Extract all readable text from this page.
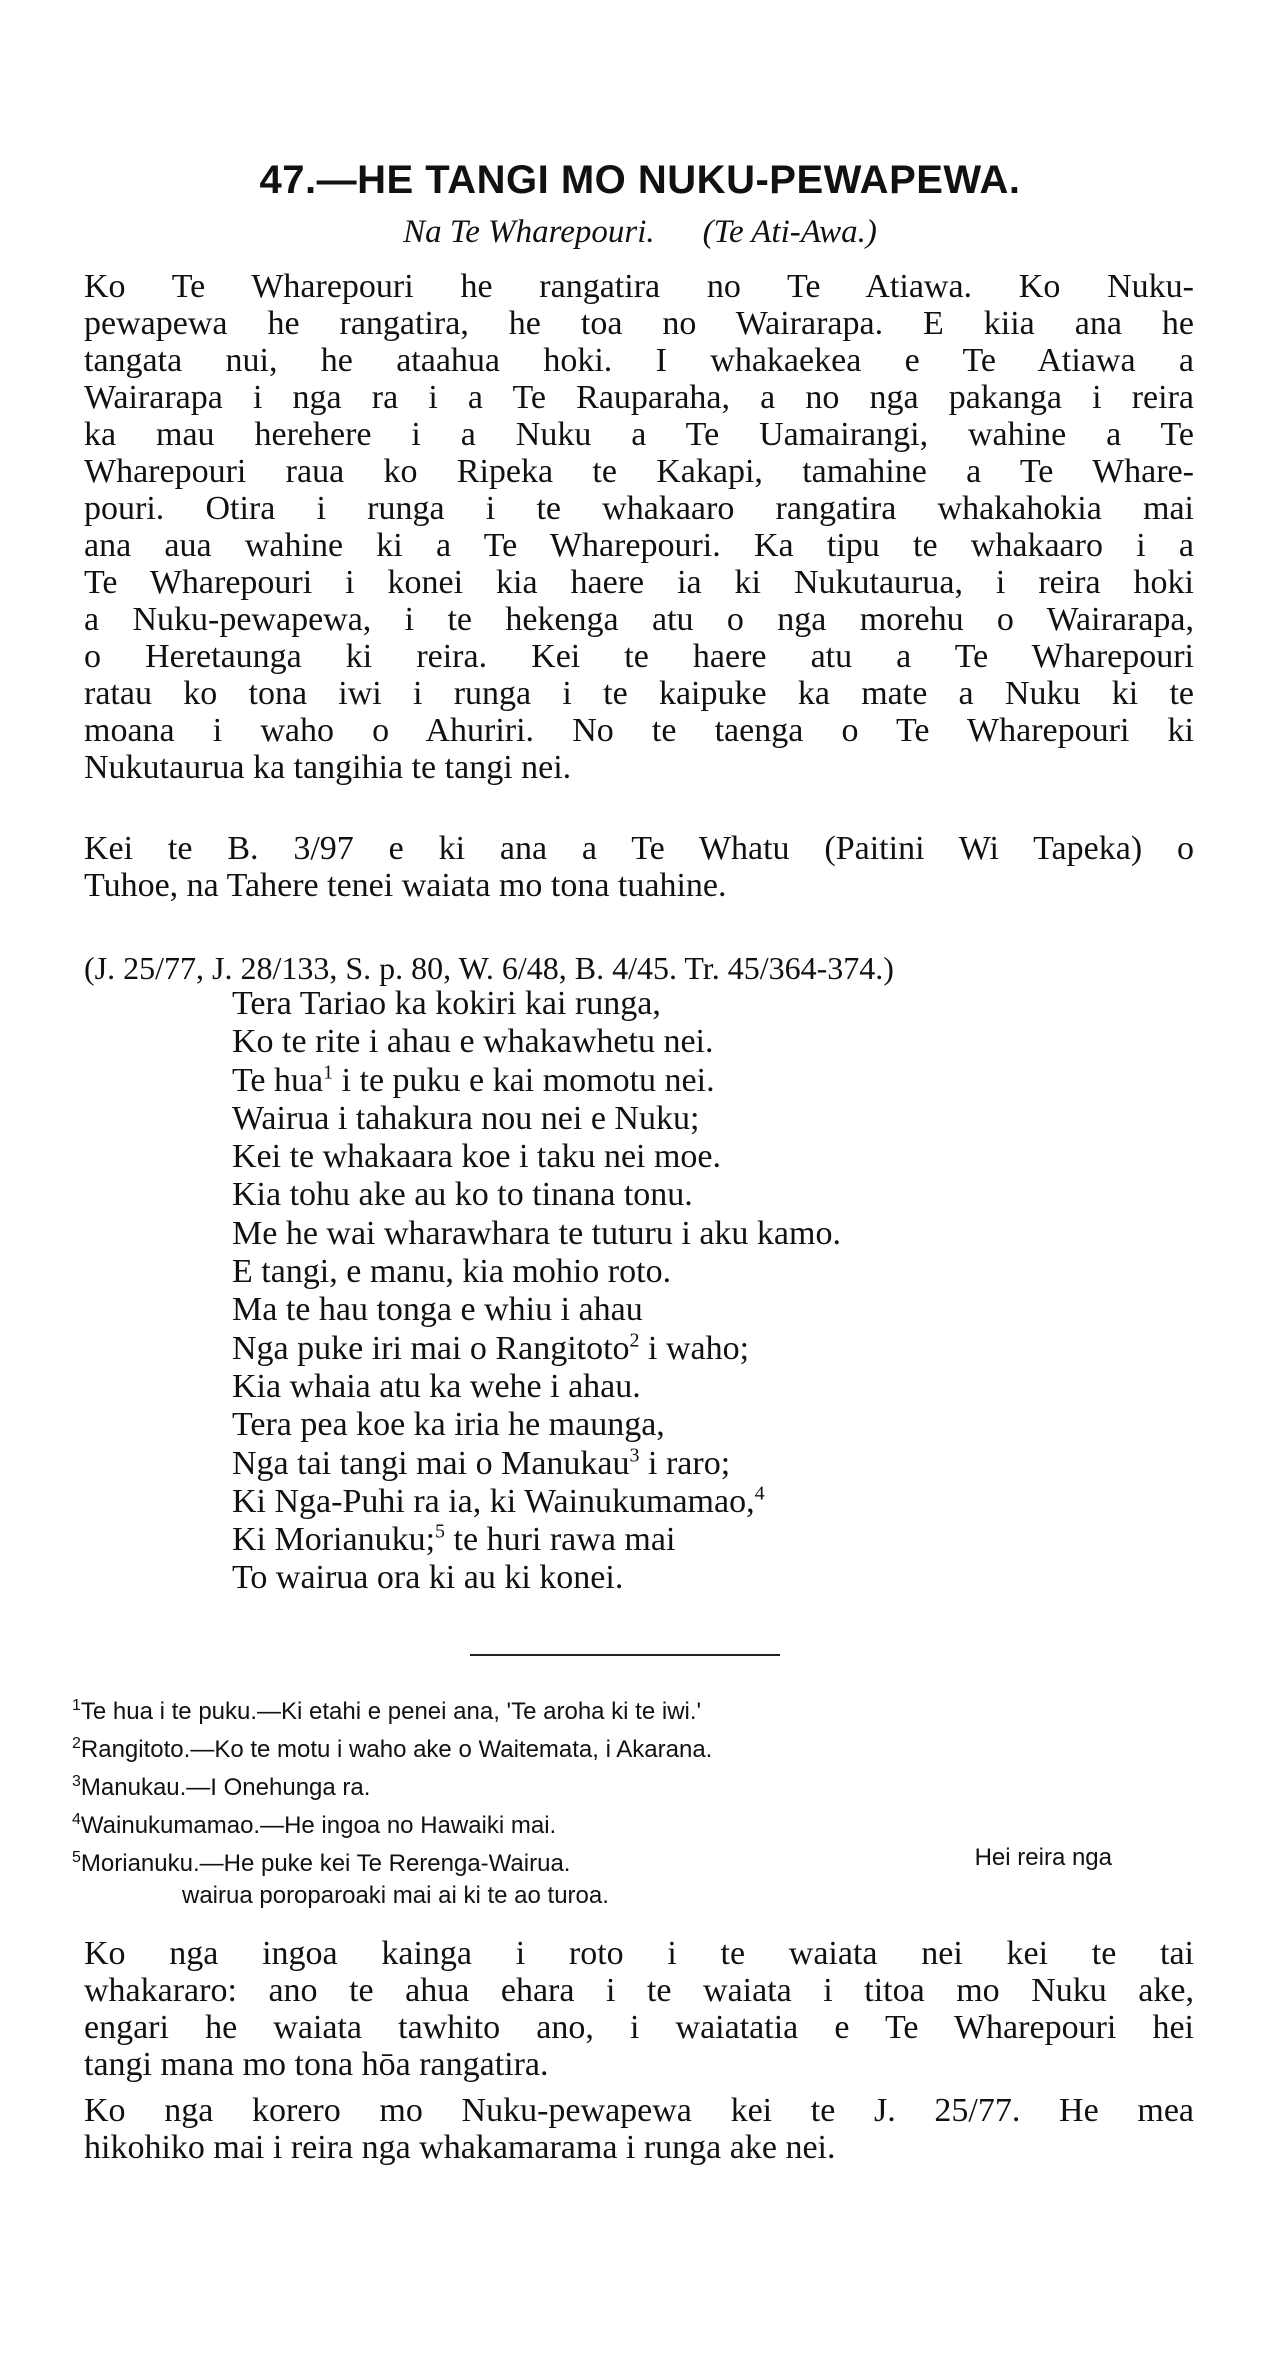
47.—HE TANGI MO NUKU-PEWAPEWA.
Na Te Wharepouri. (Te Ati-Awa.)
Ko Te Wharepouri he rangatira no Te Atiawa. Ko Nuku-
pewapewa he rangatira, he toa no Wairarapa. E kiia ana he
tangata nui, he ataahua hoki. I whakaekea e Te Atiawa a
Wairarapa i nga ra i a Te Rauparaha, a no nga pakanga i reira
ka mau herehere i a Nuku a Te Uamairangi, wahine a Te
Wharepouri raua ko Ripeka te Kakapi, tamahine a Te Whare-
pouri. Otira i runga i te whakaaro rangatira whakahokia mai
ana aua wahine ki a Te Wharepouri. Ka tipu te whakaaro i a
Te Wharepouri i konei kia haere ia ki Nukutaurua, i reira hoki
a Nuku-pewapewa, i te hekenga atu o nga morehu o Wairarapa,
o Heretaunga ki reira. Kei te haere atu a Te Wharepouri
ratau ko tona iwi i runga i te kaipuke ka mate a Nuku ki te
moana i waho o Ahuriri. No te taenga o Te Wharepouri ki
Nukutaurua ka tangihia te tangi nei.
Kei te B. 3/97 e ki ana a Te Whatu (Paitini Wi Tapeka) o
Tuhoe, na Tahere tenei waiata mo tona tuahine.
(J. 25/77, J. 28/133, S. p. 80, W. 6/48, B. 4/45. Tr. 45/364-374.)
Tera Tariao ka kokiri kai runga,
Ko te rite i ahau e whakawhetu nei.
Te hua$^1$ i te puku e kai momotu nei.
Wairua i tahakura nou nei e Nuku;
Kei te whakaara koe i taku nei moe.
Kia tohu ake au ko to tinana tonu.
Me he wai wharawhara te tuturu i aku kamo.
E tangi, e manu, kia mohio roto.
Ma te hau tonga e whiu i ahau
Nga puke iri mai o Rangitoto$^2$ i waho;
Kia whaia atu ka wehe i ahau.
Tera pea koe ka iria he maunga,
Nga tai tangi mai o Manukau$^3$ i raro;
Ki Nga-Puhi ra ia, ki Wainukumamao,$^4$
Ki Morianuku;$^5$ te huri rawa mai
To wairua ora ki au ki konei.
$^1$Te hua i te puku.—Ki etahi e penei ana, 'Te aroha ki te iwi.'
$^2$Rangitoto.—Ko te motu i waho ake o Waitemata, i Akarana.
$^3$Manukau.—I Onehunga ra.
$^4$Wainukumamao.—He ingoa no Hawaiki mai.
$^5$Morianuku.—He puke kei Te Rerenga-Wairua.	Hei reira nga
wairua poroparoaki mai ai ki te ao turoa.
Ko nga ingoa kainga i roto i te waiata nei kei te tai
whakararo: ano te ahua ehara i te waiata i titoa mo Nuku ake,
engari he waiata tawhito ano, i waiatatia e Te Wharepouri hei
tangi mana mo tona hōa rangatira.
Ko nga korero mo Nuku-pewapewa kei te J. 25/77. He mea
hikohiko mai i reira nga whakamarama i runga ake nei.
